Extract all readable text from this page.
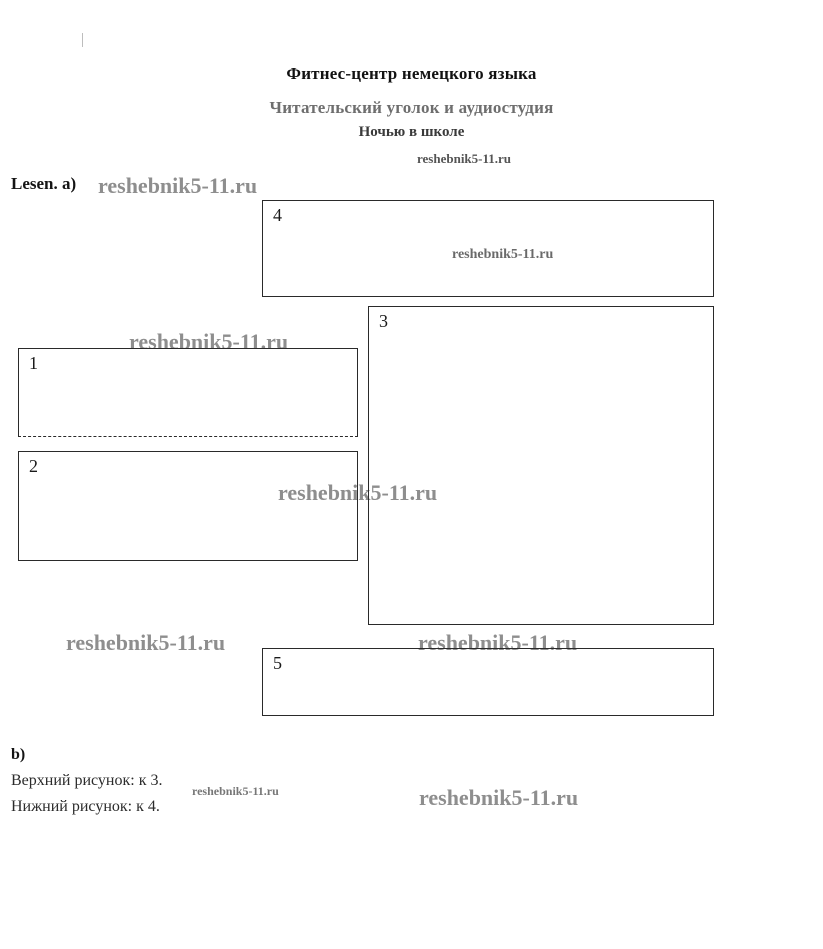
Фитнес-центр немецкого языка
Читательский уголок и аудиостудия
Ночью в школе
reshebnik5-11.ru
reshebnik5-11.ru
reshebnik5-11.ru
reshebnik5-11.ru
reshebnik5-11.ru
reshebnik5-11.ru	reshebnik5-11.ru
reshebnik5-11.ru	reshebnik5-11.ru
Lesen. a)
4
3
1
2
5
b)
Верхний рисунок: к 3.
Нижний рисунок: к 4.
